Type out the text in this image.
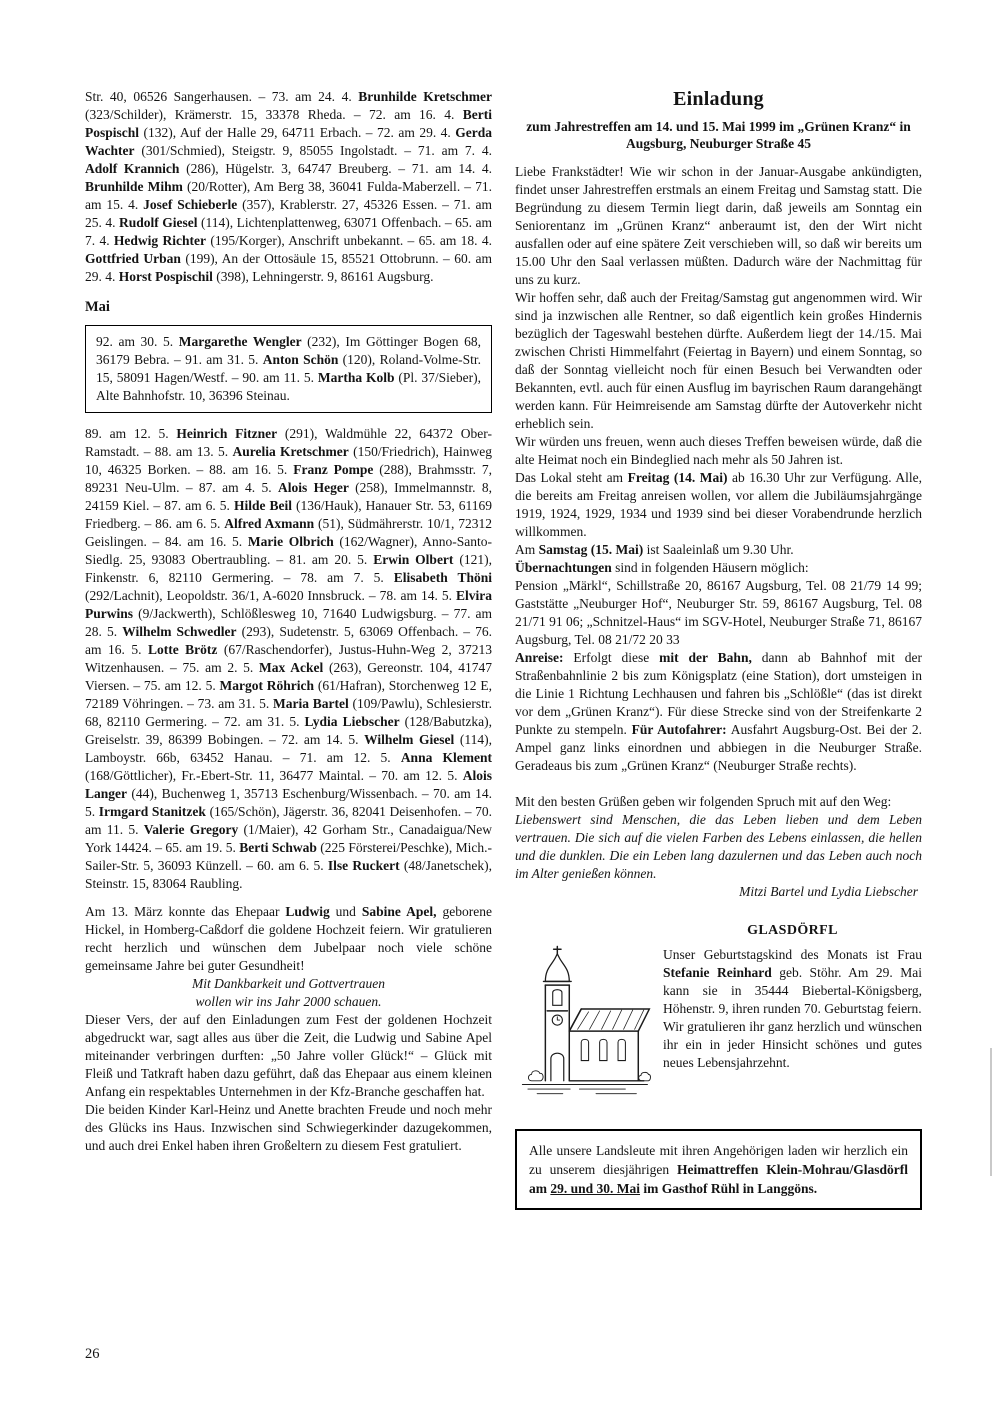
Str. 40, 06526 Sangerhausen. – 73. am 24. 4. Brunhilde Kretschmer (323/Schilder), Krämerstr. 15, 33378 Rheda. – 72. am 16. 4. Berti Pospischl (132), Auf der Halle 29, 64711 Erbach. – 72. am 29. 4. Gerda Wachter (301/Schmied), Steigstr. 9, 85055 Ingolstadt. – 71. am 7. 4. Adolf Krannich (286), Hügelstr. 3, 64747 Breuberg. – 71. am 14. 4. Brunhilde Mihm (20/Rotter), Am Berg 38, 36041 Fulda-Maberzell. – 71. am 15. 4. Josef Schieberle (357), Krablerstr. 27, 45326 Essen. – 71. am 25. 4. Rudolf Giesel (114), Lichtenplattenweg, 63071 Offenbach. – 65. am 7. 4. Hedwig Richter (195/Korger), Anschrift unbekannt. – 65. am 18. 4. Gottfried Urban (199), An der Ottosäule 15, 85521 Ottobrunn. – 60. am 29. 4. Horst Pospischil (398), Lehningerstr. 9, 86161 Augsburg.

Mai

92. am 30. 5. Margarethe Wengler (232), Im Göttinger Bogen 68, 36179 Bebra. – 91. am 31. 5. Anton Schön (120), Roland-Volme-Str. 15, 58091 Hagen/Westf. – 90. am 11. 5. Martha Kolb (Pl. 37/Sieber), Alte Bahnhofstr. 10, 36396 Steinau.

89. am 12. 5. Heinrich Fitzner (291), Waldmühle 22, 64372 Ober-Ramstadt. – 88. am 13. 5. Aurelia Kretschmer (150/Friedrich), Hainweg 10, 46325 Borken. – 88. am 16. 5. Franz Pompe (288), Brahmsstr. 7, 89231 Neu-Ulm. – 87. am 4. 5. Alois Heger (258), Immelmannstr. 8, 24159 Kiel. – 87. am 6. 5. Hilde Beil (136/Hauk), Hanauer Str. 53, 61169 Friedberg. – 86. am 6. 5. Alfred Axmann (51), Südmährerstr. 10/1, 72312 Geislingen. – 84. am 16. 5. Marie Olbrich (162/Wagner), Anno-Santo-Siedlg. 25, 93083 Obertraubling. – 81. am 20. 5. Erwin Olbert (121), Finkenstr. 6, 82110 Germering. – 78. am 7. 5. Elisabeth Thöni (292/Lachnit), Leopoldstr. 36/1, A-6020 Innsbruck. – 78. am 14. 5. Elvira Purwins (9/Jackwerth), Schlößlesweg 10, 71640 Ludwigsburg. – 77. am 28. 5. Wilhelm Schwedler (293), Sudetenstr. 5, 63069 Offenbach. – 76. am 16. 5. Lotte Brötz (67/Raschendorfer), Justus-Huhn-Weg 2, 37213 Witzenhausen. – 75. am 2. 5. Max Ackel (263), Gereonstr. 104, 41747 Viersen. – 75. am 12. 5. Margot Röhrich (61/Hafran), Storchenweg 12 E, 72189 Vöhringen. – 73. am 31. 5. Maria Bartel (109/Pawlu), Schlesierstr. 68, 82110 Germering. – 72. am 31. 5. Lydia Liebscher (128/Babutzka), Greiselstr. 39, 86399 Bobingen. – 72. am 14. 5. Wilhelm Giesel (114), Lamboystr. 66b, 63452 Hanau. – 71. am 12. 5. Anna Klement (168/Göttlicher), Fr.-Ebert-Str. 11, 36477 Maintal. – 70. am 12. 5. Alois Langer (44), Buchenweg 1, 35713 Eschenburg/Wissenbach. – 70. am 14. 5. Irmgard Stanitzek (165/Schön), Jägerstr. 36, 82041 Deisenhofen. – 70. am 11. 5. Valerie Gregory (1/Maier), 42 Gorham Str., Canadaigua/New York 14424. – 65. am 19. 5. Berti Schwab (225 Försterei/Peschke), Mich.-Sailer-Str. 5, 36093 Künzell. – 60. am 6. 5. Ilse Ruckert (48/Janetschek), Steinstr. 15, 83064 Raubling.

Am 13. März konnte das Ehepaar Ludwig und Sabine Apel, geborene Hickel, in Homberg-Caßdorf die goldene Hochzeit feiern. Wir gratulieren recht herzlich und wünschen dem Jubelpaar noch viele schöne gemeinsame Jahre bei guter Gesundheit!

Mit Dankbarkeit und Gottvertrauen

wollen wir ins Jahr 2000 schauen.

Dieser Vers, der auf den Einladungen zum Fest der goldenen Hochzeit abgedruckt war, sagt alles aus über die Zeit, die Ludwig und Sabine Apel miteinander verbringen durften: „50 Jahre voller Glück!“ – Glück mit Fleiß und Tatkraft haben dazu geführt, daß das Ehepaar aus einem kleinen Anfang ein respektables Unternehmen in der Kfz-Branche geschaffen hat.

Die beiden Kinder Karl-Heinz und Anette brachten Freude und noch mehr des Glücks ins Haus. Inzwischen sind Schwiegerkinder dazugekommen, und auch drei Enkel haben ihren Großeltern zu diesem Fest gratuliert.

Einladung
zum Jahrestreffen am 14. und 15. Mai 1999 im „Grünen Kranz“ in Augsburg, Neuburger Straße 45

Liebe Frankstädter! Wie wir schon in der Januar-Ausgabe ankündigten, findet unser Jahrestreffen erstmals an einem Freitag und Samstag statt. Die Begründung zu diesem Termin liegt darin, daß jeweils am Sonntag ein Seniorentanz im „Grünen Kranz“ anberaumt ist, den der Wirt nicht ausfallen oder auf eine spätere Zeit verschieben will, so daß wir bereits um 15.00 Uhr den Saal verlassen müßten. Dadurch wäre der Nachmittag für uns zu kurz.

Wir hoffen sehr, daß auch der Freitag/Samstag gut angenommen wird. Wir sind ja inzwischen alle Rentner, so daß eigentlich kein großes Hindernis bezüglich der Tageswahl bestehen dürfte. Außerdem liegt der 14./15. Mai zwischen Christi Himmelfahrt (Feiertag in Bayern) und einem Sonntag, so daß der Sonntag vielleicht noch für einen Besuch bei Verwandten oder Bekannten, evtl. auch für einen Ausflug im bayrischen Raum darangehängt werden kann. Für Heimreisende am Samstag dürfte der Autoverkehr nicht erheblich sein.

Wir würden uns freuen, wenn auch dieses Treffen beweisen würde, daß die alte Heimat noch ein Bindeglied nach mehr als 50 Jahren ist.

Das Lokal steht am Freitag (14. Mai) ab 16.30 Uhr zur Verfügung. Alle, die bereits am Freitag anreisen wollen, vor allem die Jubiläumsjahrgänge 1919, 1924, 1929, 1934 und 1939 sind bei dieser Vorabendrunde herzlich willkommen.

Am Samstag (15. Mai) ist Saaleinlaß um 9.30 Uhr.

Übernachtungen sind in folgenden Häusern möglich:

Pension „Märkl“, Schillstraße 20, 86167 Augsburg, Tel. 08 21/79 14 99; Gaststätte „Neuburger Hof“, Neuburger Str. 59, 86167 Augsburg, Tel. 08 21/71 91 06; „Schnitzel-Haus“ im SGV-Hotel, Neuburger Straße 71, 86167 Augsburg, Tel. 08 21/72 20 33

Anreise: Erfolgt diese mit der Bahn, dann ab Bahnhof mit der Straßenbahnlinie 2 bis zum Königsplatz (eine Station), dort umsteigen in die Linie 1 Richtung Lechhausen und fahren bis „Schlößle“ (das ist direkt vor dem „Grünen Kranz“). Für diese Strecke sind von der Streifenkarte 2 Punkte zu stempeln. Für Autofahrer: Ausfahrt Augsburg-Ost. Bei der 2. Ampel ganz links einordnen und abbiegen in die Neuburger Straße. Geradeaus bis zum „Grünen Kranz“ (Neuburger Straße rechts).

Mit den besten Grüßen geben wir folgenden Spruch mit auf den Weg:

Liebenswert sind Menschen, die das Leben lieben und dem Leben vertrauen. Die sich auf die vielen Farben des Lebens einlassen, die hellen und die dunklen. Die ein Leben lang dazulernen und das Leben auch noch im Alter genießen können.

Mitzi Bartel und Lydia Liebscher

GLASDÖRFL

Unser Geburtstagskind des Monats ist Frau Stefanie Reinhard geb. Stöhr. Am 29. Mai kann sie in 35444 Biebertal-Königsberg, Höhenstr. 9, ihren runden 70. Geburtstag feiern.

Wir gratulieren ihr ganz herzlich und wünschen ihr ein in jeder Hinsicht schönes und gutes neues Lebensjahrzehnt.

Alle unsere Landsleute mit ihren Angehörigen laden wir herzlich ein zu unserem diesjährigen Heimattreffen Klein-Mohrau/Glasdörfl am 29. und 30. Mai im Gasthof Rühl in Langgöns.

26
